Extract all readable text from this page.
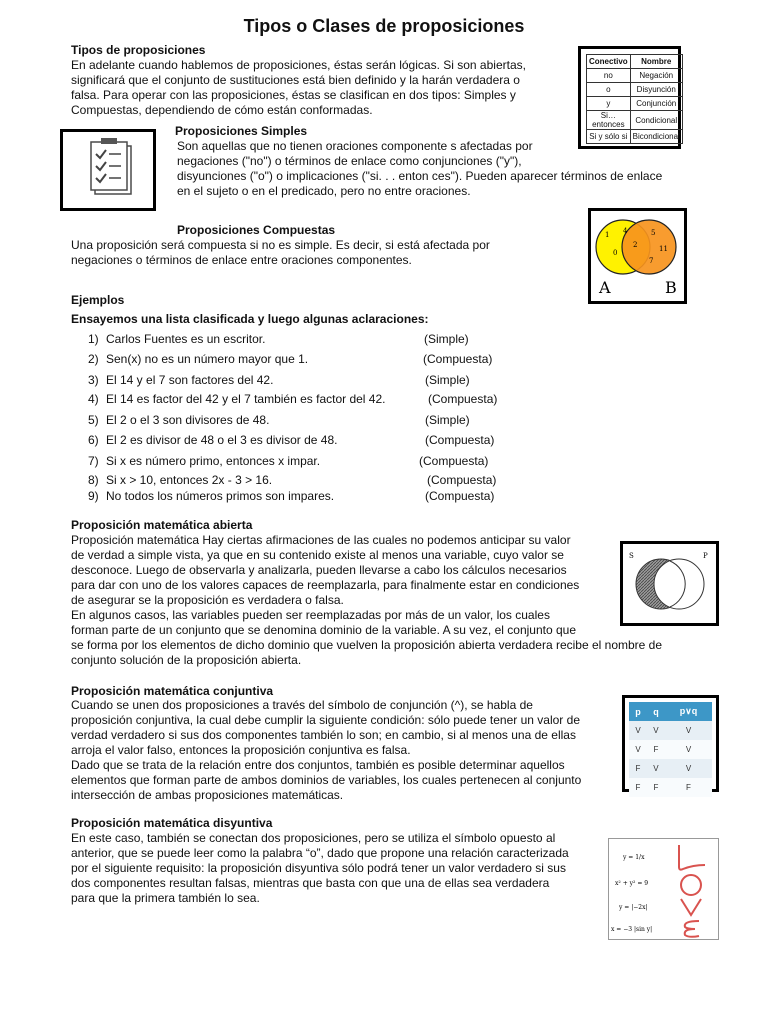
Tipos o Clases de proposiciones
Tipos de proposiciones
En adelante cuando hablemos de proposiciones, éstas serán lógicas. Si son abiertas,
significará que el conjunto de sustituciones está bien definido y la harán verdadera o
falsa. Para operar con las proposiciones, éstas se clasifican en dos tipos: Simples y
Compuestas, dependiendo de cómo están conformadas.
Conectivo	Nombre
no	Negación
o	Disyunción
y	Conjunción
Si…entonces	Condicional
Si y sólo si	Bicondicional
Proposiciones Simples
Son aquellas que no tienen oraciones componente s afectadas por
negaciones ("no") o términos de enlace como conjunciones ("y"),
disyunciones ("o") o implicaciones ("si. . . enton ces"). Pueden aparecer términos de enlace
en el sujeto o en el predicado, pero no entre oraciones.
Proposiciones Compuestas
Una proposición será compuesta si no es simple. Es decir, si está afectada por
negaciones o términos de enlace entre oraciones componentes.
1 4
0
2
5
11
7
A	B
Ejemplos
Ensayemos una lista clasificada y luego algunas aclaraciones:
1) Carlos Fuentes es un escritor.	(Simple)
2) Sen(x) no es un número mayor que 1.	(Compuesta)
3) El 14 y el 7 son factores del 42.	(Simple)
4) El 14 es factor del 42 y el 7 también es factor del 42.	(Compuesta)
5) El 2 o el 3 son divisores de 48.	(Simple)
6) El 2 es divisor de 48 o el 3 es divisor de 48.	(Compuesta)
7) Si x es número primo, entonces x impar.	(Compuesta)
8) Si x > 10, entonces 2x - 3 > 16.	(Compuesta)
9) No todos los números primos son impares.	(Compuesta)
Proposición matemática abierta
Proposición matemática Hay ciertas afirmaciones de las cuales no podemos anticipar su valor
de verdad a simple vista, ya que en su contenido existe al menos una variable, cuyo valor se
desconoce. Luego de observarla y analizarla, pueden llevarse a cabo los cálculos necesarios
para dar con uno de los valores capaces de reemplazarla, para finalmente estar en condiciones
de asegurar se la proposición es verdadera o falsa.
En algunos casos, las variables pueden ser reemplazadas por más de un valor, los cuales
forman parte de un conjunto que se denomina dominio de la variable. A su vez, el conjunto que
se forma por los elementos de dicho dominio que vuelven la proposición abierta verdadera recibe el nombre de
conjunto solución de la proposición abierta.
S	P
Proposición matemática conjuntiva
Cuando se unen dos proposiciones a través del símbolo de conjunción (^), se habla de
proposición conjuntiva, la cual debe cumplir la siguiente condición: sólo puede tener un valor de
verdad verdadero si sus dos componentes también lo son; en cambio, si al menos una de ellas
arroja el valor falso, entonces la proposición conjuntiva es falsa.
Dado que se trata de la relación entre dos conjuntos, también es posible determinar aquellos
elementos que forman parte de ambos dominios de variables, los cuales pertenecen al conjunto
intersección de ambas proposiciones matemáticas.
p	q	p∨q
V	V	V
V	F	V
F	V	V
F	F	F
Proposición matemática disyuntiva
En este caso, también se conectan dos proposiciones, pero se utiliza el símbolo opuesto al
anterior, que se puede leer como la palabra “o”, dado que propone una relación caracterizada
por el siguiente requisito: la proposición disyuntiva sólo podrá tener un valor verdadero si sus
dos componentes resultan falsas, mientras que basta con que una de ellas sea verdadera
para que la primera también lo sea.
y = 1/x
x² + y² = 9
y = |−2x|
x = −3 |sin y|
